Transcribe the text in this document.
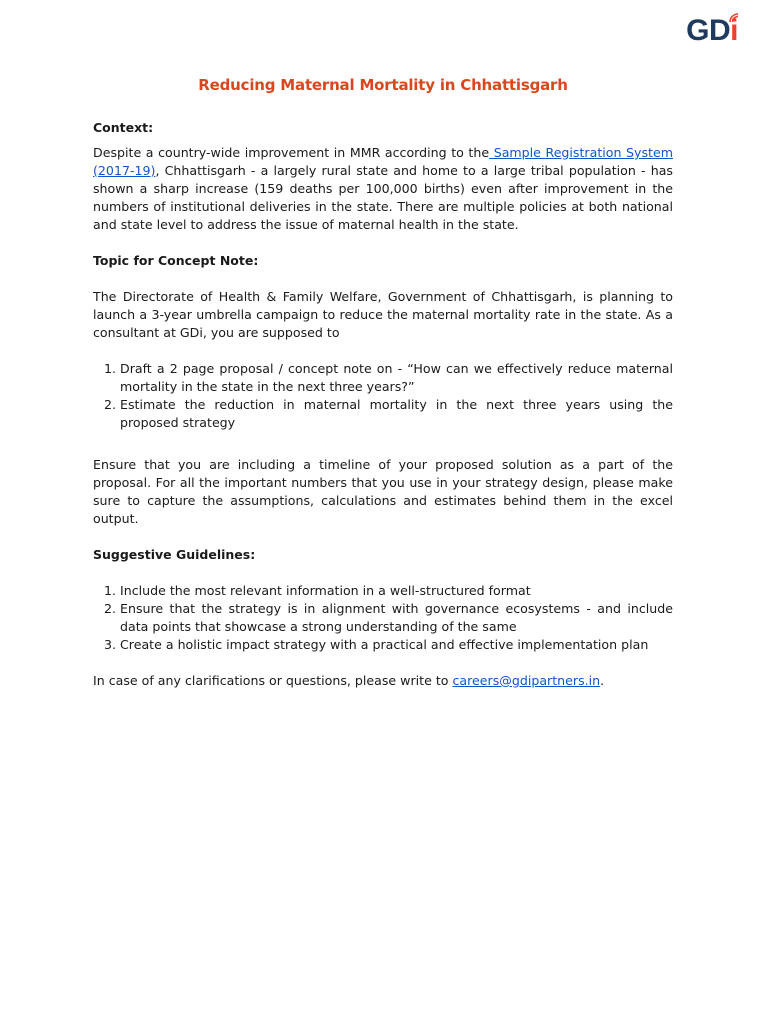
GDi
Reducing Maternal Mortality in Chhattisgarh

Context:

Despite a country-wide improvement in MMR according to the Sample Registration System (2017-19), Chhattisgarh - a largely rural state and home to a large tribal population - has shown a sharp increase (159 deaths per 100,000 births) even after improvement in the numbers of institutional deliveries in the state. There are multiple policies at both national and state level to address the issue of maternal health in the state.

Topic for Concept Note:

The Directorate of Health & Family Welfare, Government of Chhattisgarh, is planning to launch a 3-year umbrella campaign to reduce the maternal mortality rate in the state. As a consultant at GDi, you are supposed to

1. Draft a 2 page proposal / concept note on - “How can we effectively reduce maternal mortality in the state in the next three years?”
2. Estimate the reduction in maternal mortality in the next three years using the proposed strategy

Ensure that you are including a timeline of your proposed solution as a part of the proposal. For all the important numbers that you use in your strategy design, please make sure to capture the assumptions, calculations and estimates behind them in the excel output.

Suggestive Guidelines:

1. Include the most relevant information in a well-structured format
2. Ensure that the strategy is in alignment with governance ecosystems - and include data points that showcase a strong understanding of the same
3. Create a holistic impact strategy with a practical and effective implementation plan

In case of any clarifications or questions, please write to careers@gdipartners.in.
